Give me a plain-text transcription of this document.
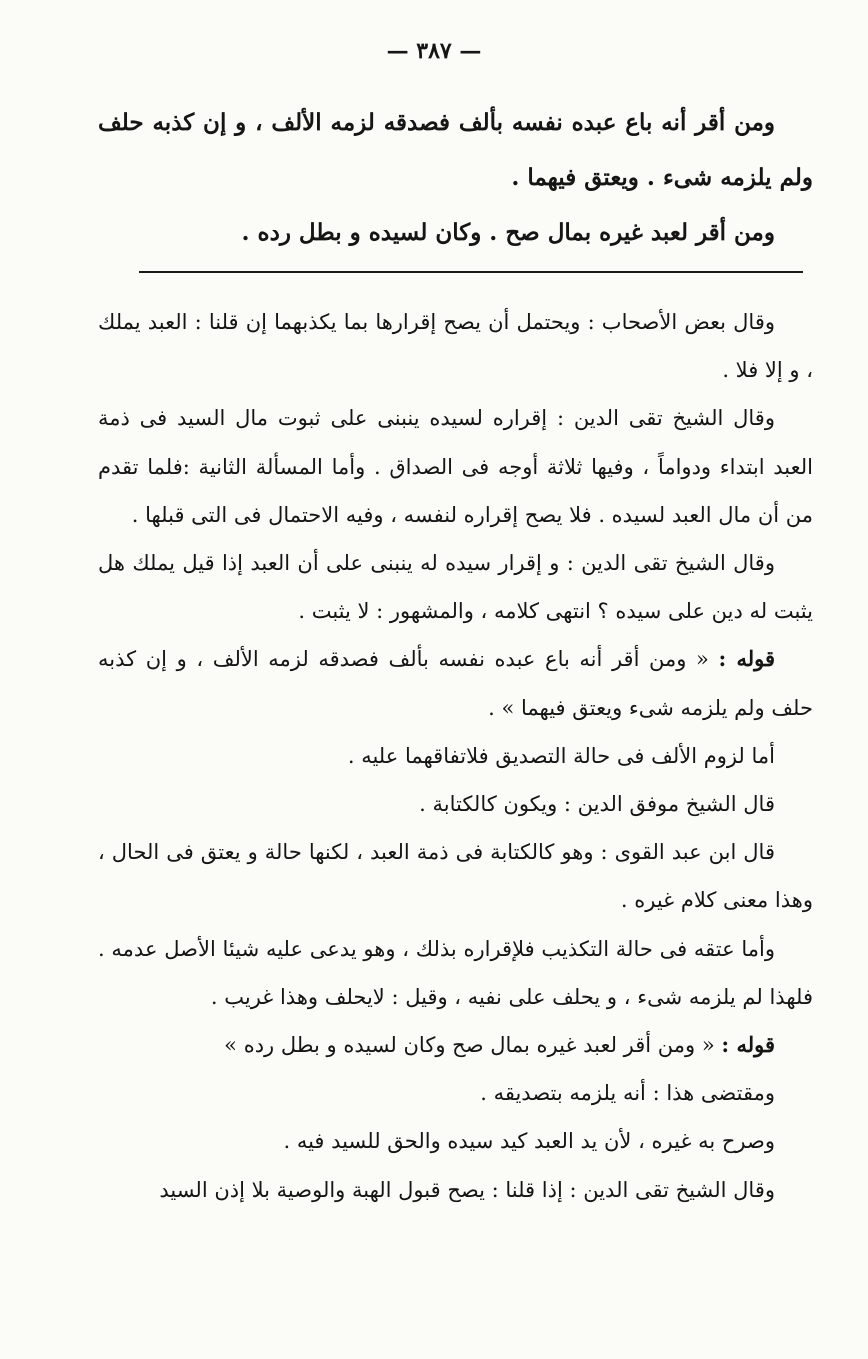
— ٣٨٧ —

ومن أقر أنه باع عبده نفسه بألف فصدقه لزمه الألف ، و إن كذبه حلف ولم يلزمه شىء . ويعتق فيهما .

ومن أقر لعبد غيره بمال صح . وكان لسيده و بطل رده .

وقال بعض الأصحاب : ويحتمل أن يصح إقرارها بما يكذبهما إن قلنا : العبد يملك ، و إلا فلا .

وقال الشيخ تقى الدين : إقراره لسيده ينبنى على ثبوت مال السيد فى ذمة العبد ابتداء ودواماً ، وفيها ثلاثة أوجه فى الصداق . وأما المسألة الثانية :فلما تقدم من أن مال العبد لسيده . فلا يصح إقراره لنفسه ، وفيه الاحتمال فى التى قبلها .

وقال الشيخ تقى الدين : و إقرار سيده له ينبنى على أن العبد إذا قيل يملك هل يثبت له دين على سيده ؟ انتهى كلامه ، والمشهور : لا يثبت .

قوله : « ومن أقر أنه باع عبده نفسه بألف فصدقه لزمه الألف ، و إن كذبه حلف ولم يلزمه شىء ويعتق فيهما » .

أما لزوم الألف فى حالة التصديق فلاتفاقهما عليه .

قال الشيخ موفق الدين : ويكون كالكتابة .

قال ابن عبد القوى : وهو كالكتابة فى ذمة العبد ، لكنها حالة و يعتق فى الحال ، وهذا معنى كلام غيره .

وأما عتقه فى حالة التكذيب فلإقراره بذلك ، وهو يدعى عليه شيئا الأصل عدمه . فلهذا لم يلزمه شىء ، و يحلف على نفيه ، وقيل : لايحلف وهذا غريب .

قوله : « ومن أقر لعبد غيره بمال صح وكان لسيده و بطل رده »

ومقتضى هذا : أنه يلزمه بتصديقه .

وصرح به غيره ، لأن يد العبد كيد سيده والحق للسيد فيه .

وقال الشيخ تقى الدين : إذا قلنا : يصح قبول الهبة والوصية بلا إذن السيد
